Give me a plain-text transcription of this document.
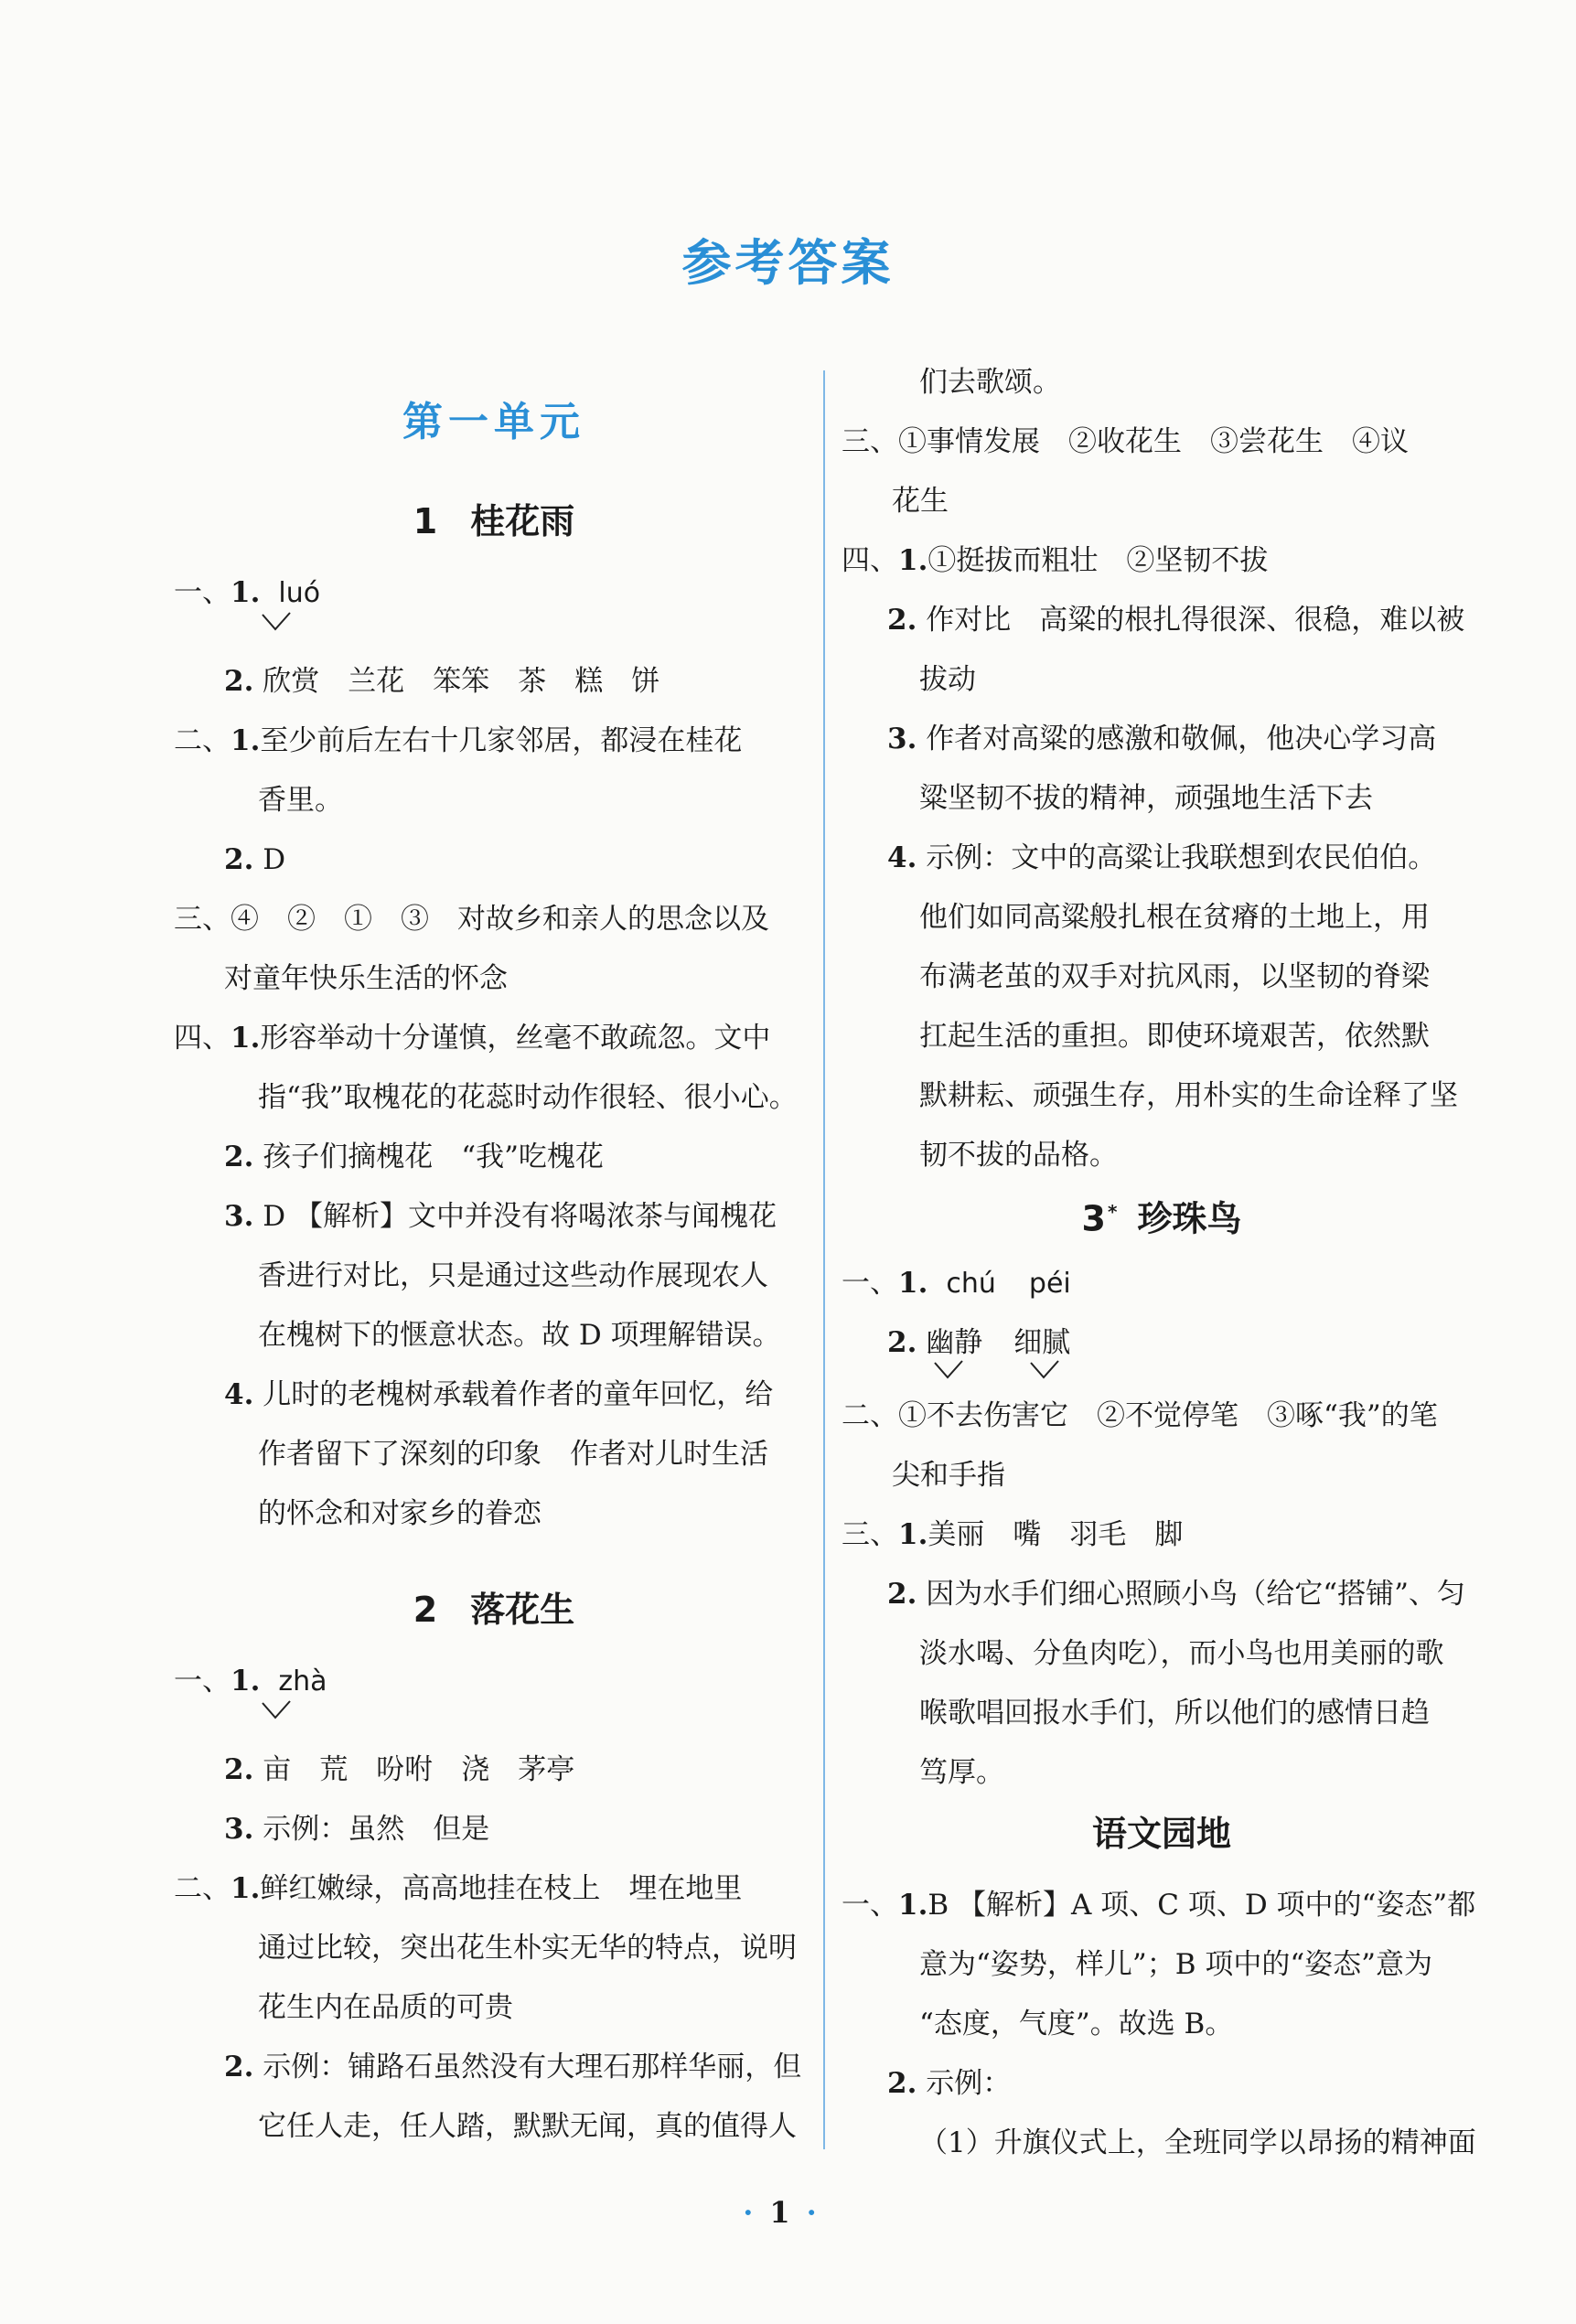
参考答案
第一单元
1 桂花雨
一、1. luó
2. 欣赏　兰花　笨笨　茶　糕　饼
二、1.至少前后左右十几家邻居，都浸在桂花
香里。
2. D
三、④　②　①　③　对故乡和亲人的思念以及
对童年快乐生活的怀念
四、1.形容举动十分谨慎，丝毫不敢疏忽。文中
指“我”取槐花的花蕊时动作很轻、很小心。
2. 孩子们摘槐花　“我”吃槐花
3. D 【解析】文中并没有将喝浓茶与闻槐花
香进行对比，只是通过这些动作展现农人
在槐树下的惬意状态。故 D 项理解错误。
4. 儿时的老槐树承载着作者的童年回忆，给
作者留下了深刻的印象　作者对儿时生活
的怀念和对家乡的眷恋
2 落花生
一、1. zhà
2. 亩　荒　吩咐　浇　茅亭
3. 示例：虽然　但是
二、1.鲜红嫩绿，高高地挂在枝上　埋在地里
通过比较，突出花生朴实无华的特点，说明
花生内在品质的可贵
2. 示例：铺路石虽然没有大理石那样华丽，但
它任人走，任人踏，默默无闻，真的值得人
们去歌颂。
三、①事情发展　②收花生　③尝花生　④议
花生
四、1.①挺拔而粗壮　②坚韧不拔
2. 作对比　高粱的根扎得很深、很稳，难以被
拔动
3. 作者对高粱的感激和敬佩，他决心学习高
粱坚韧不拔的精神，顽强地生活下去
4. 示例：文中的高粱让我联想到农民伯伯。
他们如同高粱般扎根在贫瘠的土地上，用
布满老茧的双手对抗风雨，以坚韧的脊梁
扛起生活的重担。即使环境艰苦，依然默
默耕耘、顽强生存，用朴实的生命诠释了坚
韧不拔的品格。
3 * 珍珠鸟
一、1. chú péi
2. 幽静 细腻
二、①不去伤害它　②不觉停笔　③啄“我”的笔
尖和手指
三、1.美丽　嘴　羽毛　脚
2. 因为水手们细心照顾小鸟（给它“搭铺”、匀
淡水喝、分鱼肉吃），而小鸟也用美丽的歌
喉歌唱回报水手们，所以他们的感情日趋
笃厚。
语文园地
一、1.B 【解析】A 项、C 项、D 项中的“姿态”都
意为“姿势，样儿”；B 项中的“姿态”意为
“态度，气度”。故选 B。
2. 示例：
（1）升旗仪式上，全班同学以昂扬的精神面
·1·
